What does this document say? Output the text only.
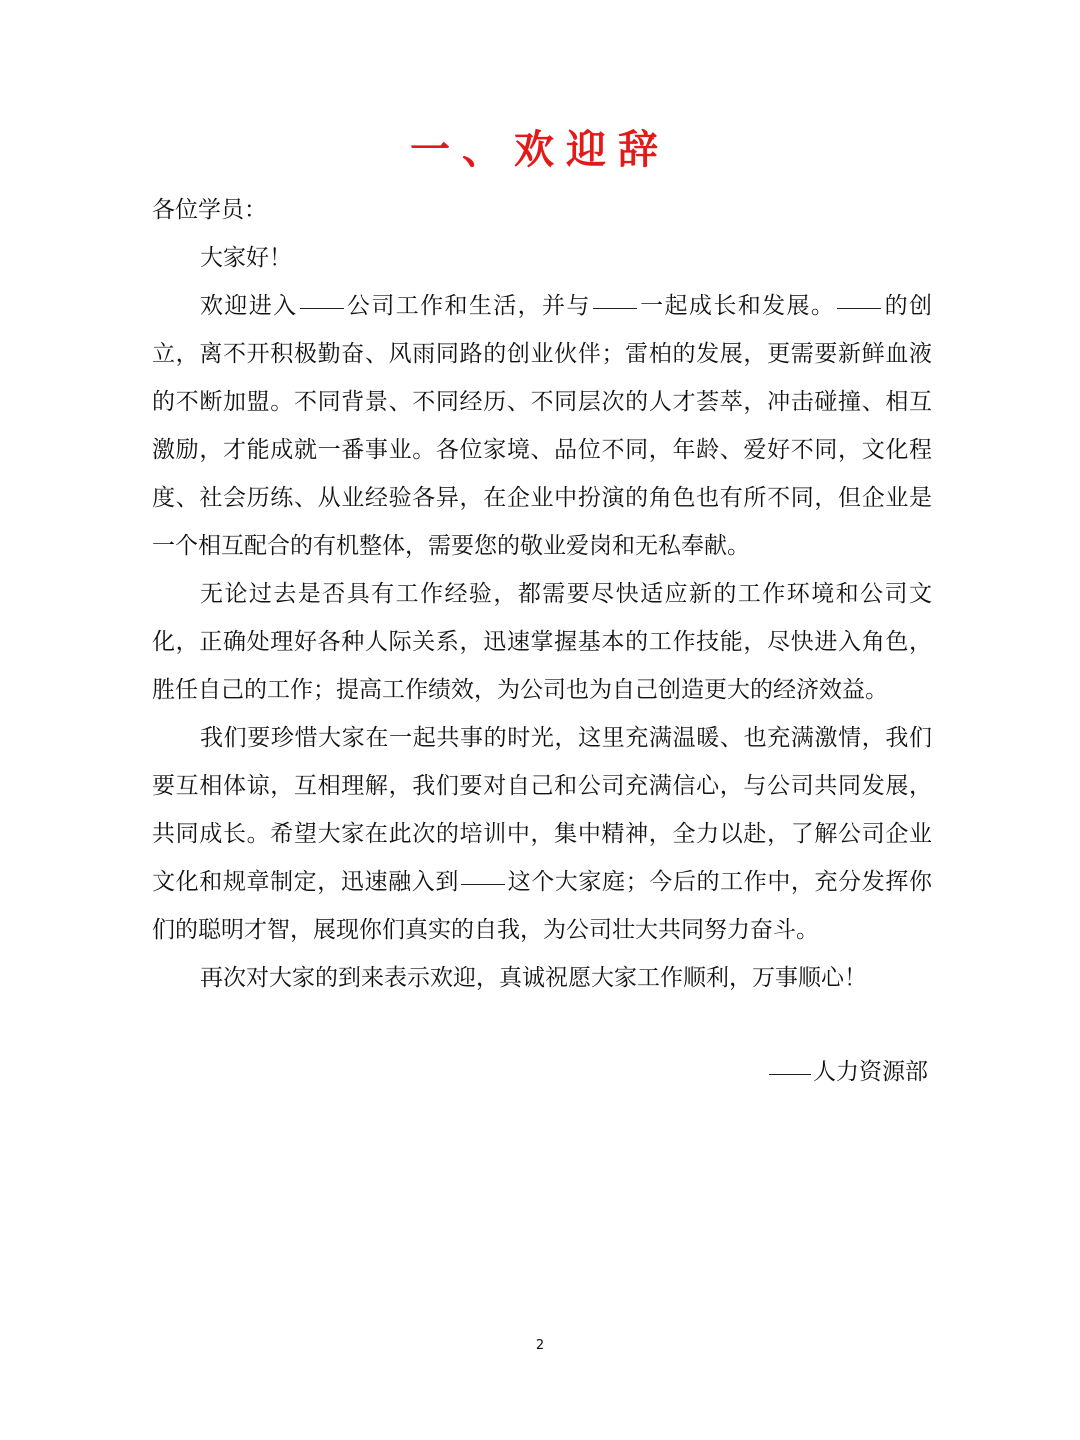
一、欢迎辞

各位学员：

大家好！

欢迎进入 公司工作和生活，并与 一起成长和发展。 的创立，离不开积极勤奋、风雨同路的创业伙伴；雷柏的发展，更需要新鲜血液的不断加盟。不同背景、不同经历、不同层次的人才荟萃，冲击碰撞、相互激励，才能成就一番事业。各位家境、品位不同，年龄、爱好不同，文化程度、社会历练、从业经验各异，在企业中扮演的角色也有所不同，但企业是一个相互配合的有机整体，需要您的敬业爱岗和无私奉献。

无论过去是否具有工作经验，都需要尽快适应新的工作环境和公司文化，正确处理好各种人际关系，迅速掌握基本的工作技能，尽快进入角色，胜任自己的工作；提高工作绩效，为公司也为自己创造更大的经济效益。

我们要珍惜大家在一起共事的时光，这里充满温暖、也充满激情，我们要互相体谅，互相理解，我们要对自己和公司充满信心，与公司共同发展，共同成长。希望大家在此次的培训中，集中精神，全力以赴，了解公司企业文化和规章制定，迅速融入到 这个大家庭；今后的工作中，充分发挥你们的聪明才智，展现你们真实的自我，为公司壮大共同努力奋斗。

再次对大家的到来表示欢迎，真诚祝愿大家工作顺利，万事顺心！

人力资源部
2
